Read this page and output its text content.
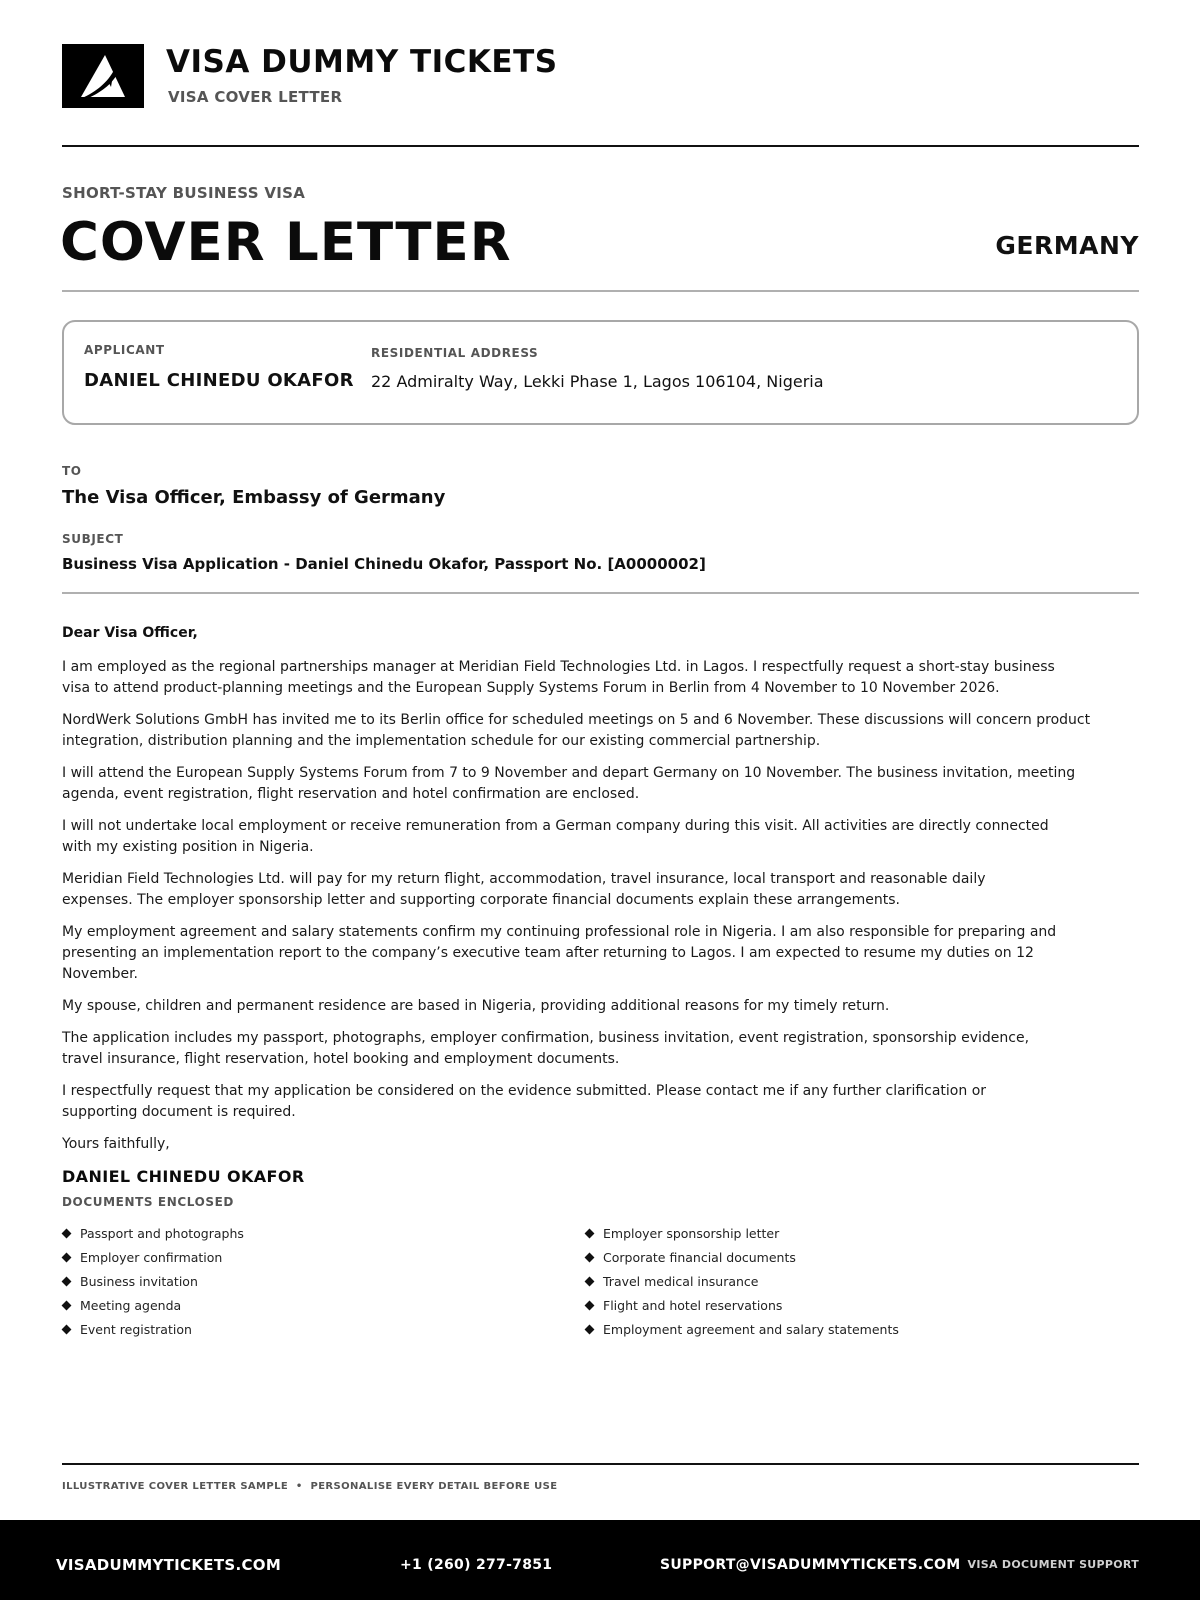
VISA DUMMY TICKETS
VISA COVER LETTER
SHORT-STAY BUSINESS VISA
COVER LETTER	GERMANY
APPLICANT
DANIEL CHINEDU OKAFOR
RESIDENTIAL ADDRESS
22 Admiralty Way, Lekki Phase 1, Lagos 106104, Nigeria
TO
The Visa Officer, Embassy of Germany
SUBJECT
Business Visa Application - Daniel Chinedu Okafor, Passport No. [A0000002]
Dear Visa Officer,

I am employed as the regional partnerships manager at Meridian Field Technologies Ltd. in Lagos. I respectfully request a short-stay business visa to attend product-planning meetings and the European Supply Systems Forum in Berlin from 4 November to 10 November 2026.

NordWerk Solutions GmbH has invited me to its Berlin office for scheduled meetings on 5 and 6 November. These discussions will concern product integration, distribution planning and the implementation schedule for our existing commercial partnership.

I will attend the European Supply Systems Forum from 7 to 9 November and depart Germany on 10 November. The business invitation, meeting agenda, event registration, flight reservation and hotel confirmation are enclosed.

I will not undertake local employment or receive remuneration from a German company during this visit. All activities are directly connected with my existing position in Nigeria.

Meridian Field Technologies Ltd. will pay for my return flight, accommodation, travel insurance, local transport and reasonable daily expenses. The employer sponsorship letter and supporting corporate financial documents explain these arrangements.

My employment agreement and salary statements confirm my continuing professional role in Nigeria. I am also responsible for preparing and presenting an implementation report to the company’s executive team after returning to Lagos. I am expected to resume my duties on 12 November.

My spouse, children and permanent residence are based in Nigeria, providing additional reasons for my timely return.

The application includes my passport, photographs, employer confirmation, business invitation, event registration, sponsorship evidence, travel insurance, flight reservation, hotel booking and employment documents.

I respectfully request that my application be considered on the evidence submitted. Please contact me if any further clarification or supporting document is required.

Yours faithfully,
DANIEL CHINEDU OKAFOR
DOCUMENTS ENCLOSED
Passport and photographs
Employer confirmation
Business invitation
Meeting agenda
Event registration
Employer sponsorship letter
Corporate financial documents
Travel medical insurance
Flight and hotel reservations
Employment agreement and salary statements
ILLUSTRATIVE COVER LETTER SAMPLE  •  PERSONALISE EVERY DETAIL BEFORE USE
VISADUMMYTICKETS.COM	+1 (260) 277-7851	SUPPORT@VISADUMMYTICKETS.COM VISA DOCUMENT SUPPORT
